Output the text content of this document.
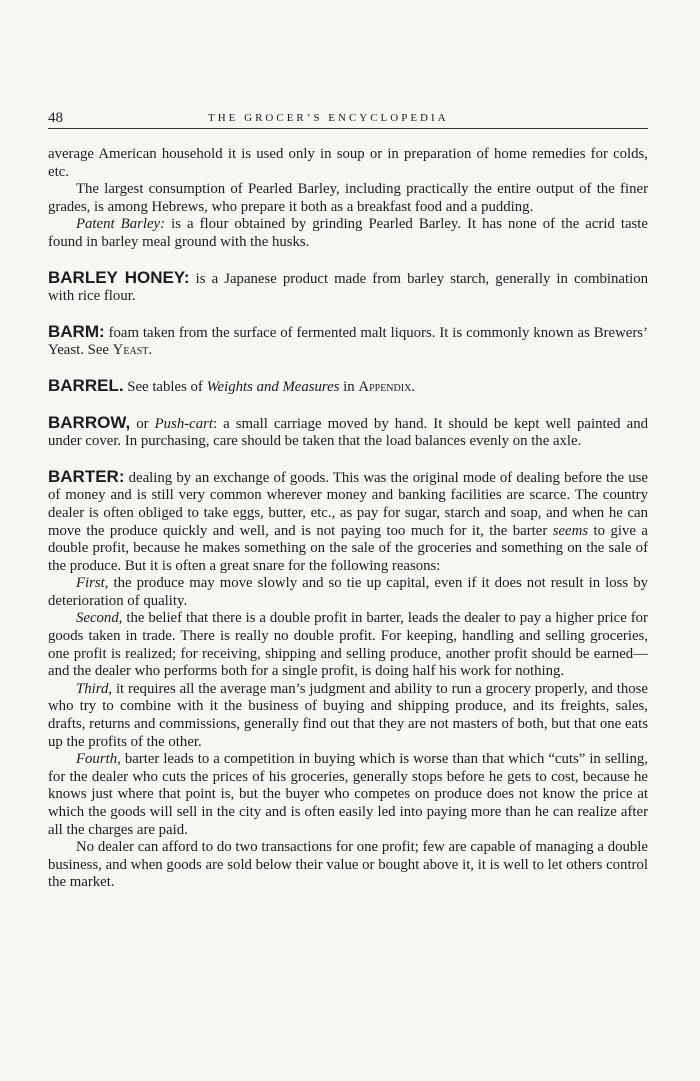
48	THE GROCER’S ENCYCLOPEDIA

average American household it is used only in soup or in preparation of home remedies for colds, etc.

The largest consumption of Pearled Barley, including practically the entire output of the finer grades, is among Hebrews, who prepare it both as a breakfast food and a pudding.

Patent Barley: is a flour obtained by grinding Pearled Barley. It has none of the acrid taste found in barley meal ground with the husks.

BARLEY HONEY: is a Japanese product made from barley starch, generally in combination with rice flour.

BARM: foam taken from the surface of fermented malt liquors. It is commonly known as Brewers’ Yeast. See Yeast.

BARREL. See tables of Weights and Measures in Appendix.

BARROW, or Push-cart: a small carriage moved by hand. It should be kept well painted and under cover. In purchasing, care should be taken that the load balances evenly on the axle.

BARTER: dealing by an exchange of goods. This was the original mode of dealing before the use of money and is still very common wherever money and banking facilities are scarce. The country dealer is often obliged to take eggs, butter, etc., as pay for sugar, starch and soap, and when he can move the produce quickly and well, and is not paying too much for it, the barter seems to give a double profit, because he makes something on the sale of the groceries and something on the sale of the produce. But it is often a great snare for the following reasons:

First, the produce may move slowly and so tie up capital, even if it does not result in loss by deterioration of quality.

Second, the belief that there is a double profit in barter, leads the dealer to pay a higher price for goods taken in trade. There is really no double profit. For keeping, handling and selling groceries, one profit is realized; for receiving, shipping and selling produce, another profit should be earned—and the dealer who performs both for a single profit, is doing half his work for nothing.

Third, it requires all the average man’s judgment and ability to run a grocery properly, and those who try to combine with it the business of buying and shipping produce, and its freights, sales, drafts, returns and commissions, generally find out that they are not masters of both, but that one eats up the profits of the other.

Fourth, barter leads to a competition in buying which is worse than that which “cuts” in selling, for the dealer who cuts the prices of his groceries, generally stops before he gets to cost, because he knows just where that point is, but the buyer who competes on produce does not know the price at which the goods will sell in the city and is often easily led into paying more than he can realize after all the charges are paid.

No dealer can afford to do two transactions for one profit; few are capable of managing a double business, and when goods are sold below their value or bought above it, it is well to let others control the market.
